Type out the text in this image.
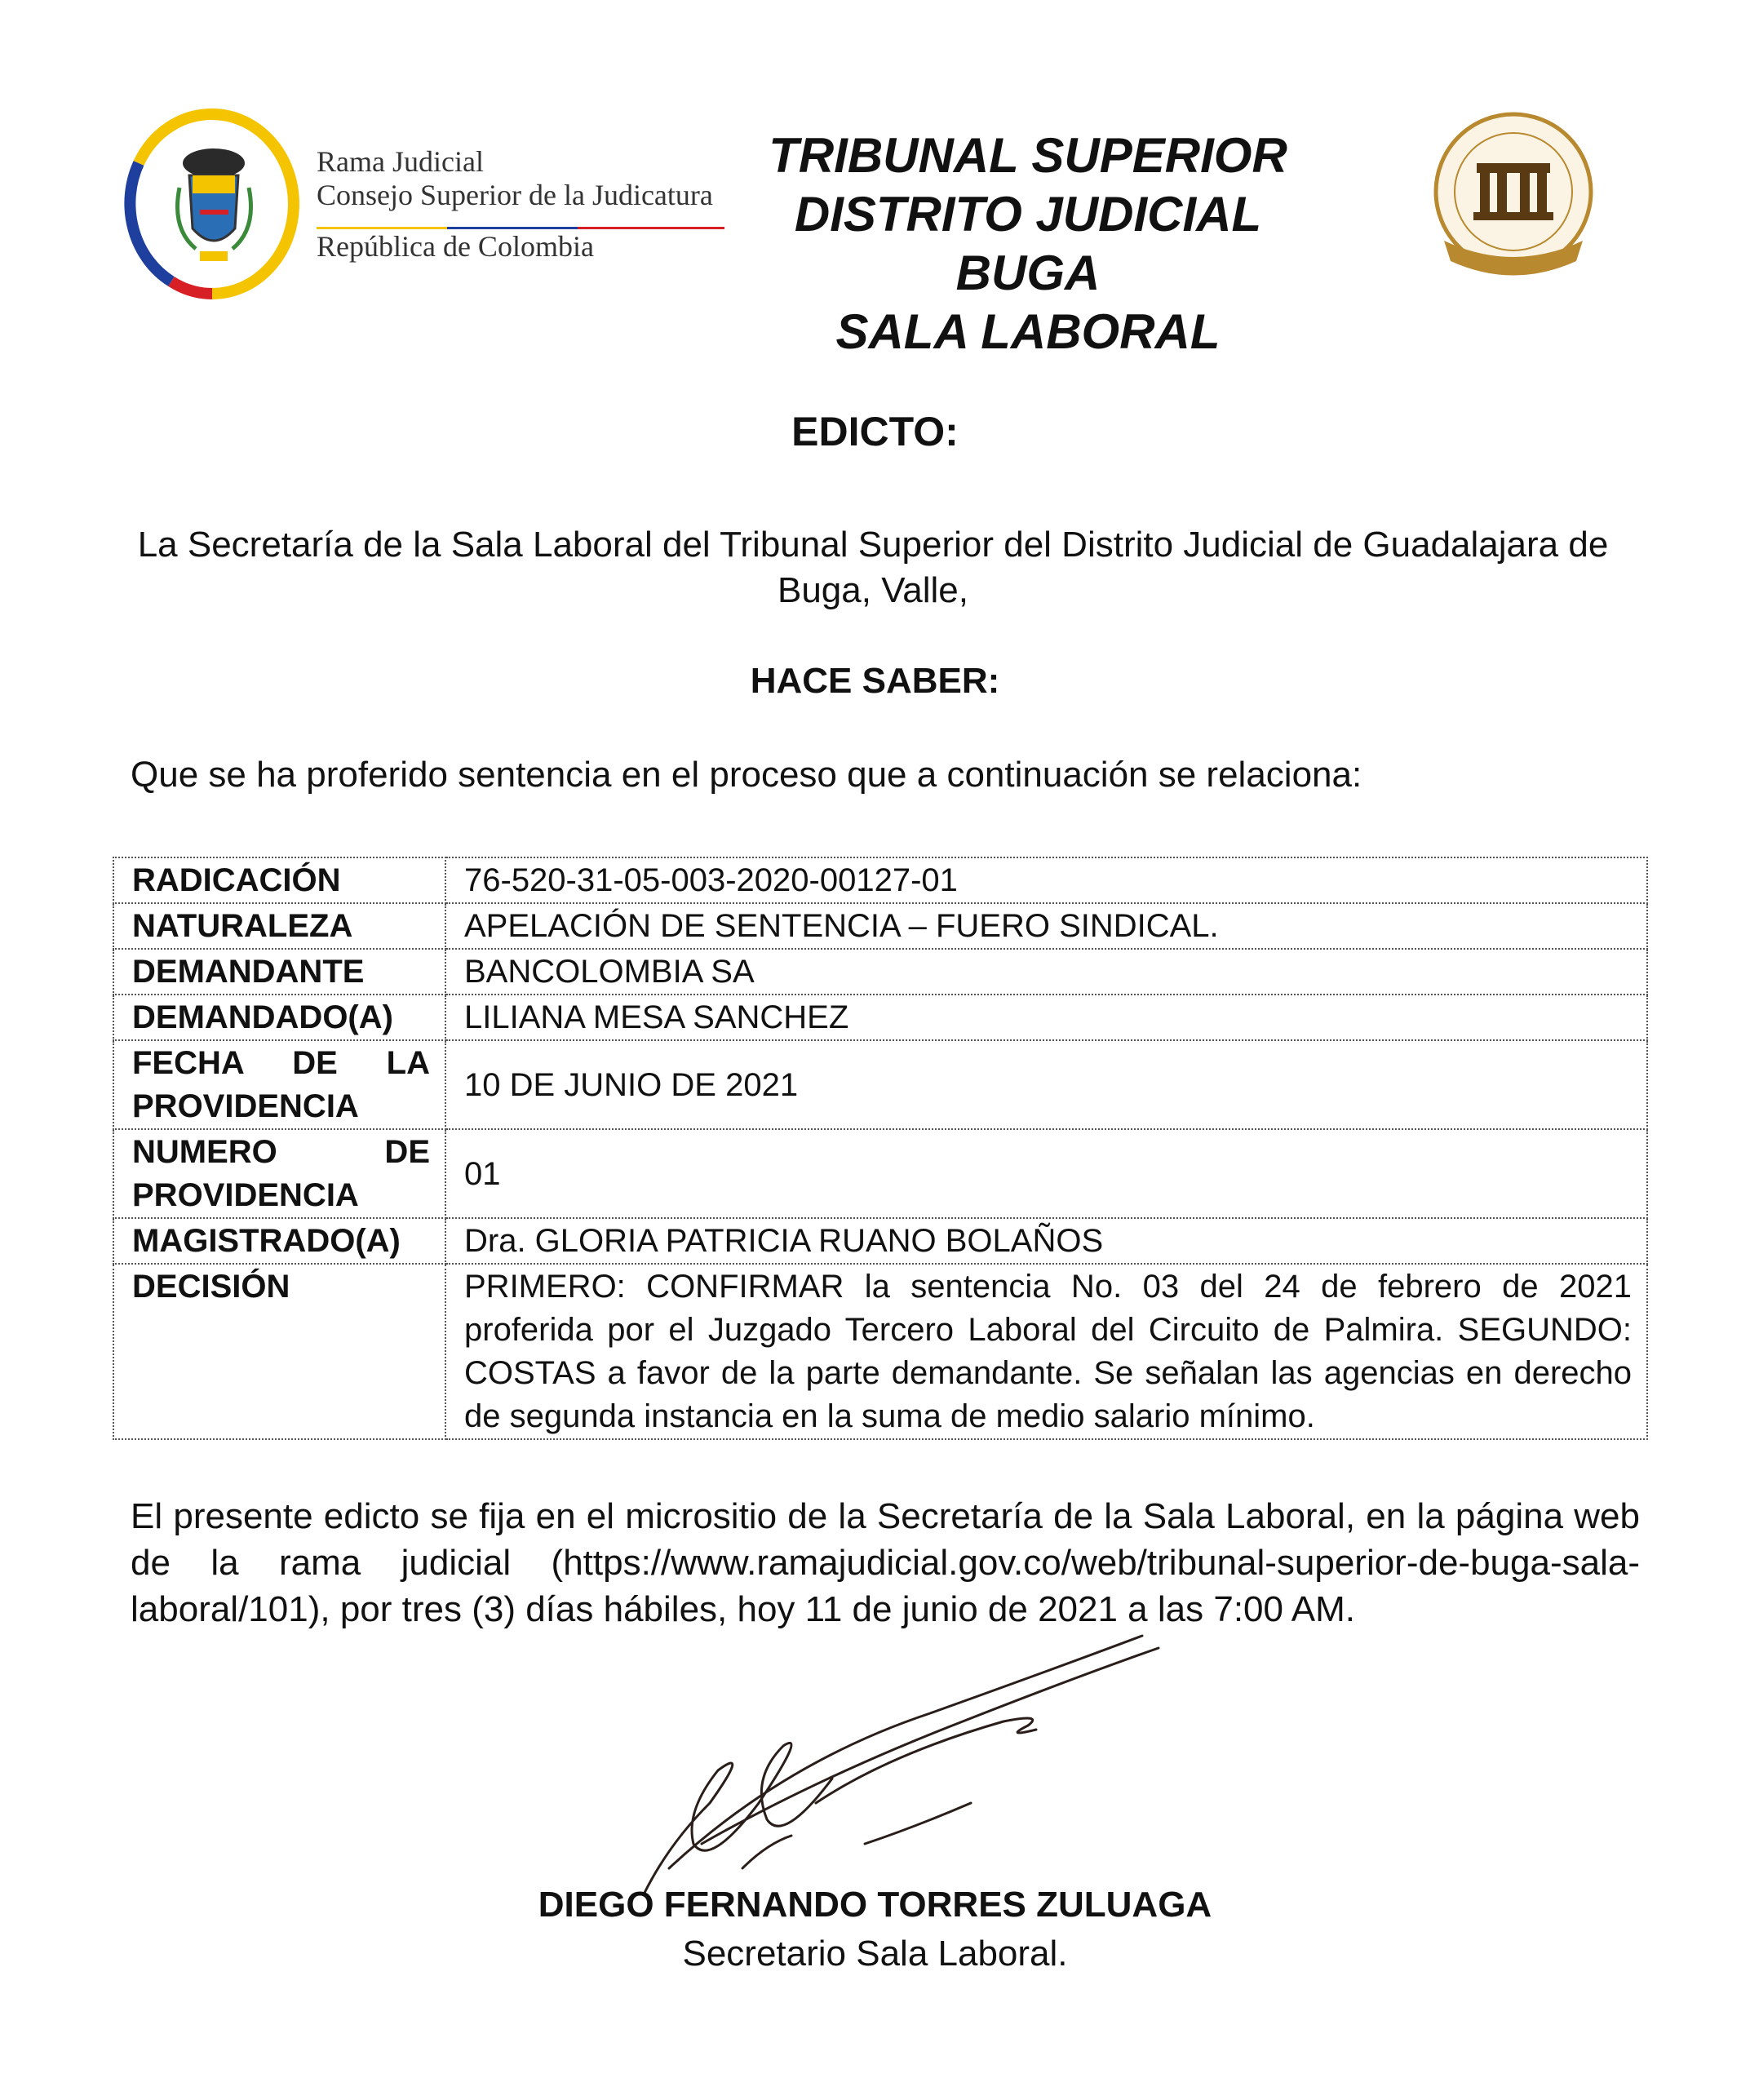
Rama Judicial
Consejo Superior de la Judicatura
República de Colombia
TRIBUNAL SUPERIOR
DISTRITO JUDICIAL BUGA
SALA LABORAL
EDICTO:
La Secretaría de la Sala Laboral del Tribunal Superior del Distrito Judicial de Guadalajara de Buga, Valle,
HACE SABER:
Que se ha proferido sentencia en el proceso que a continuación se relaciona:
RADICACIÓN	76-520-31-05-003-2020-00127-01
NATURALEZA	APELACIÓN DE SENTENCIA – FUERO SINDICAL.
DEMANDANTE	BANCOLOMBIA SA
DEMANDADO(A)	LILIANA MESA SANCHEZ

FECHA DE LA
PROVIDENCIA	10 DE JUNIO DE 2021

NUMERO DE
PROVIDENCIA	01
MAGISTRADO(A)	Dra. GLORIA PATRICIA RUANO BOLAÑOS
DECISIÓN	PRIMERO: CONFIRMAR la sentencia No. 03 del 24 de febrero de 2021 proferida por el Juzgado Tercero Laboral del Circuito de Palmira. SEGUNDO: COSTAS a favor de la parte demandante. Se señalan las agencias en derecho de segunda instancia en la suma de medio salario mínimo.
El presente edicto se fija en el micrositio de la Secretaría de la Sala Laboral, en la página web de la rama judicial (https://www.ramajudicial.gov.co/web/tribunal-superior-de-buga-sala-laboral/101), por tres (3) días hábiles, hoy 11 de junio de 2021 a las 7:00 AM.
DIEGO FERNANDO TORRES ZULUAGA
Secretario Sala Laboral.
